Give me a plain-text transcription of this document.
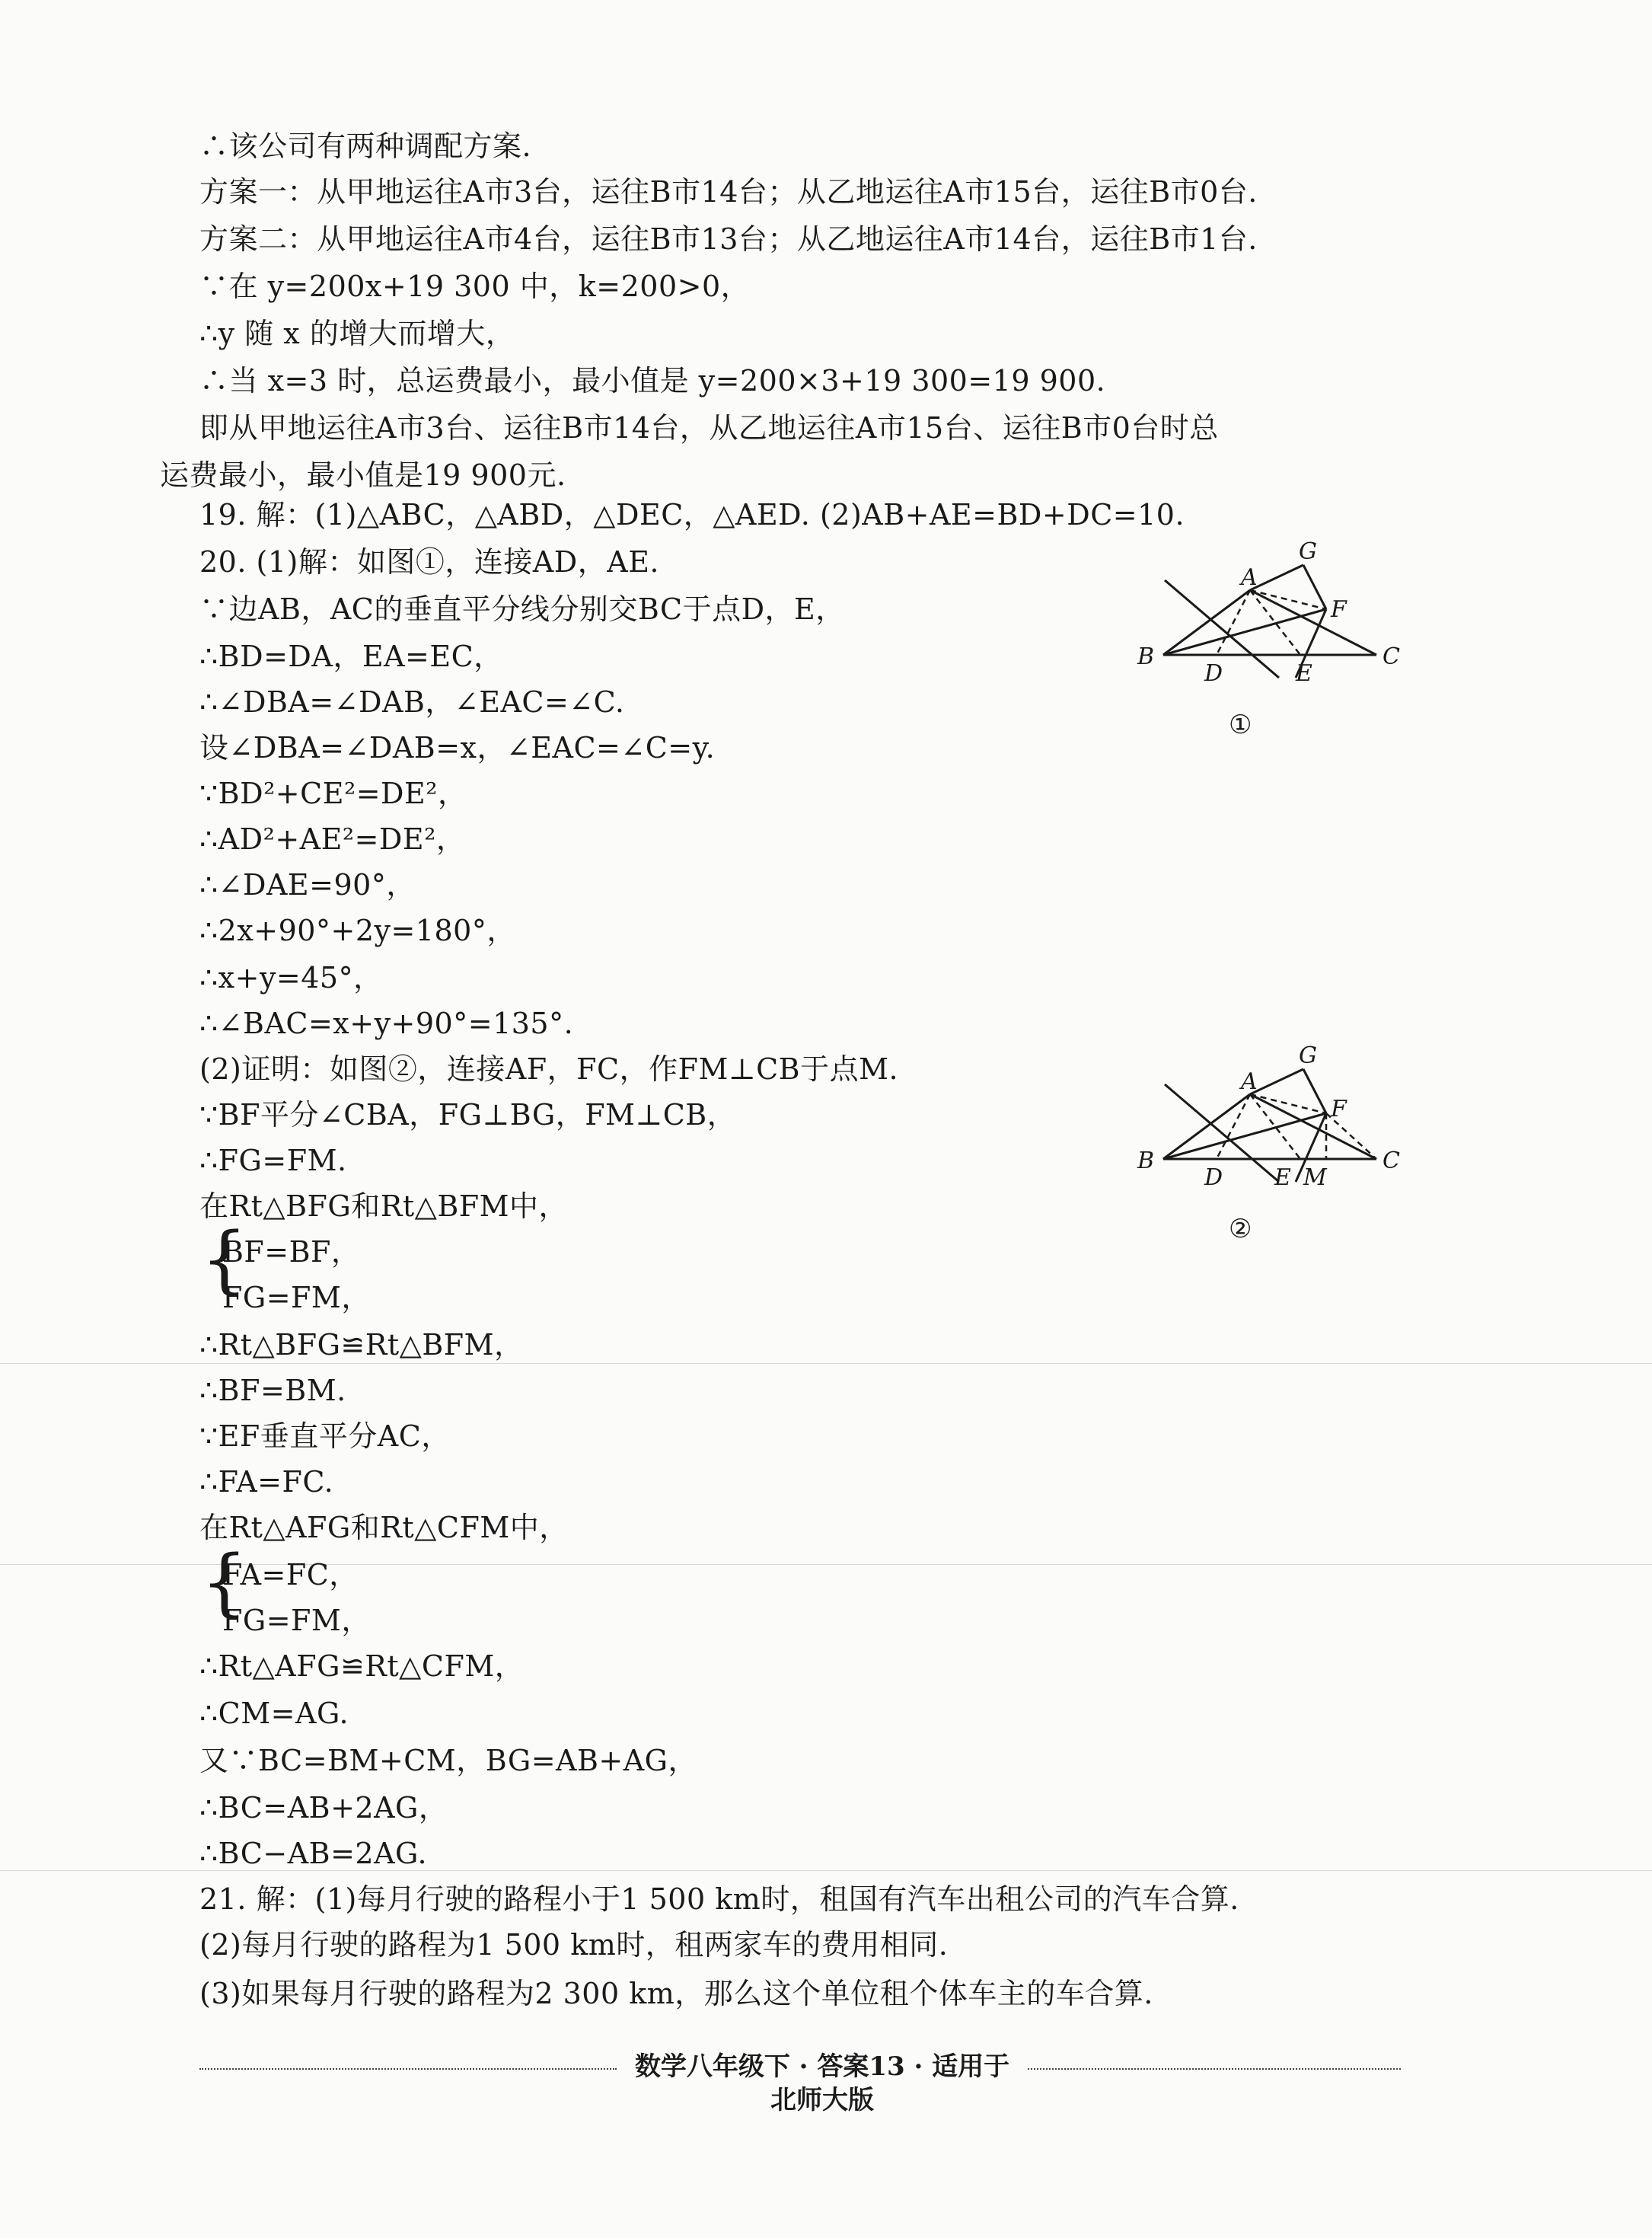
∴该公司有两种调配方案.
方案一：从甲地运往A市3台，运往B市14台；从乙地运往A市15台，运往B市0台.
方案二：从甲地运往A市4台，运往B市13台；从乙地运往A市14台，运往B市1台.
∵在 y=200x+19 300 中，k=200>0，
∴y 随 x 的增大而增大，
∴当 x=3 时，总运费最小，最小值是 y=200×3+19 300=19 900.
即从甲地运往A市3台、运往B市14台，从乙地运往A市15台、运往B市0台时总
运费最小，最小值是19 900元.
19. 解：(1)△ABC，△ABD，△DEC，△AED. (2)AB+AE=BD+DC=10.
20. (1)解：如图①，连接AD，AE.
∵边AB，AC的垂直平分线分别交BC于点D，E，
∴BD=DA，EA=EC，
∴∠DBA=∠DAB，∠EAC=∠C.
设∠DBA=∠DAB=x，∠EAC=∠C=y.
∵BD²+CE²=DE²，
∴AD²+AE²=DE²，
∴∠DAE=90°，
∴2x+90°+2y=180°，
∴x+y=45°，
∴∠BAC=x+y+90°=135°.
(2)证明：如图②，连接AF，FC，作FM⊥CB于点M.
∵BF平分∠CBA，FG⊥BG，FM⊥CB，
∴FG=FM.
在Rt△BFG和Rt△BFM中，
{
BF=BF，
FG=FM，
∴Rt△BFG≌Rt△BFM，
∴BF=BM.
∵EF垂直平分AC，
∴FA=FC.
在Rt△AFG和Rt△CFM中，
{
FA=FC，
FG=FM，
∴Rt△AFG≌Rt△CFM，
∴CM=AG.
又∵BC=BM+CM，BG=AB+AG，
∴BC=AB+2AG，
∴BC−AB=2AG.
21. 解：(1)每月行驶的路程小于1 500 km时，租国有汽车出租公司的汽车合算.
(2)每月行驶的路程为1 500 km时，租两家车的费用相同.
(3)如果每月行驶的路程为2 300 km，那么这个单位租个体车主的车合算.
B	C
A
G
F
D	E
①
B	C
A
G
F
D E M
②
数学八年级下 · 答案13 · 适用于北师大版
